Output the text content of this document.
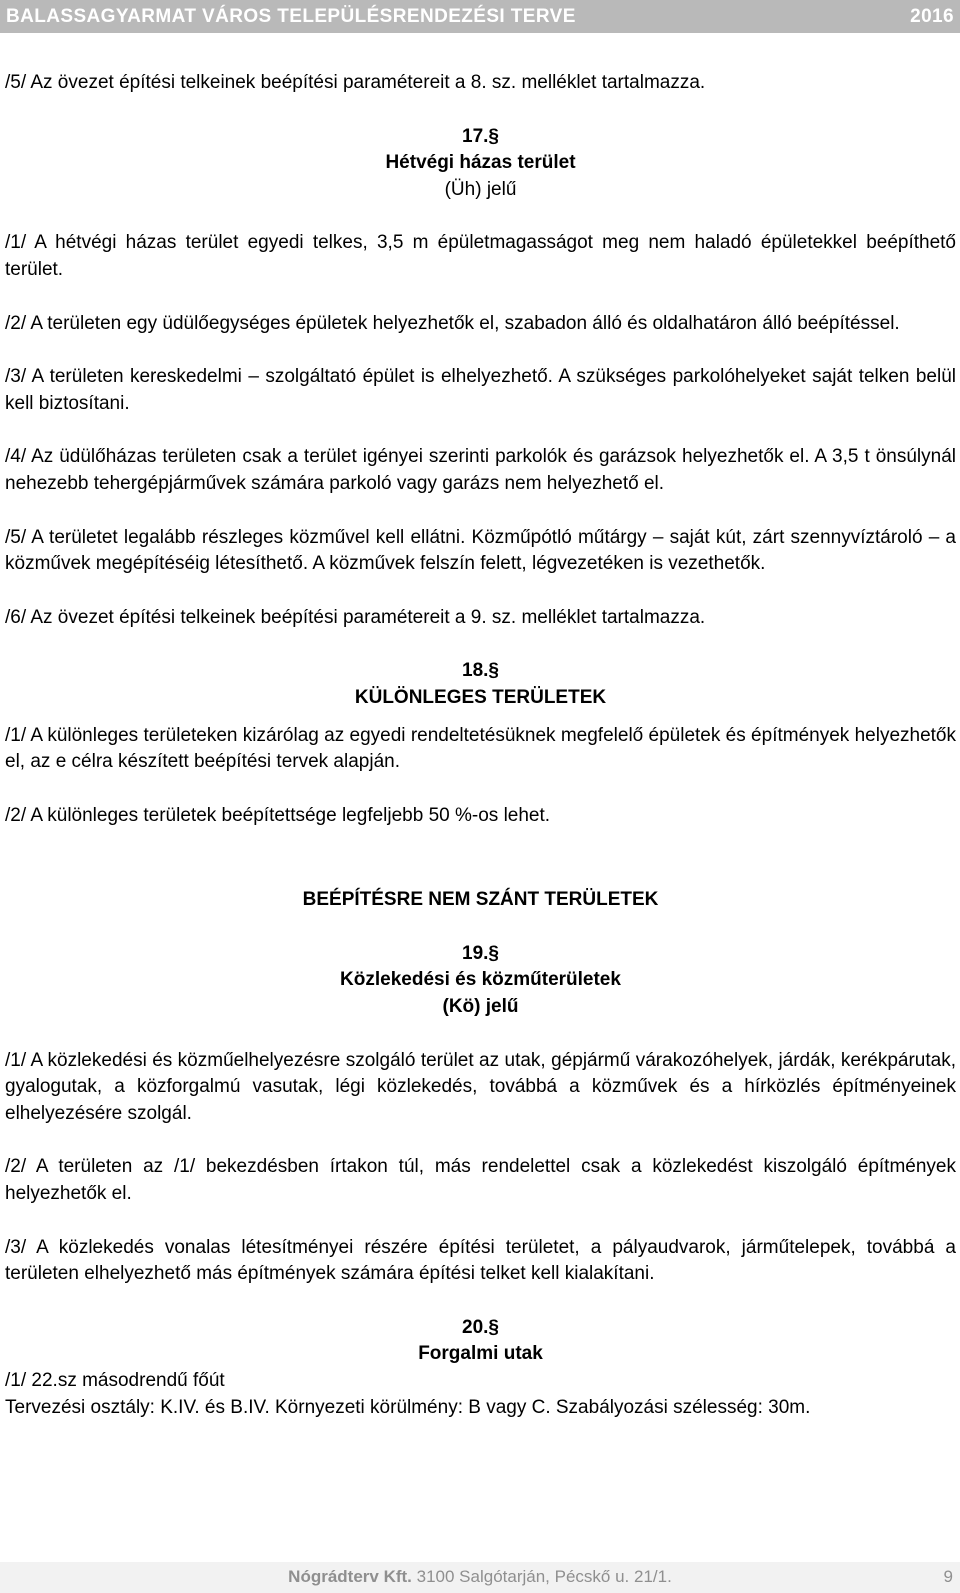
BALASSAGYARMAT VÁROS TELEPÜLÉSRENDEZÉSI TERVE	2016

/5/ Az övezet építési telkeinek beépítési paramétereit a 8. sz. melléklet tartalmazza.

17.§
Hétvégi házas terület
(Üh) jelű

/1/ A hétvégi házas terület egyedi telkes, 3,5 m épületmagasságot meg nem haladó épületekkel beépíthető terület.

/2/ A területen egy üdülőegységes épületek helyezhetők el, szabadon álló és oldalhatáron álló beépítéssel.

/3/ A területen kereskedelmi – szolgáltató épület is elhelyezhető. A szükséges parkolóhelyeket saját telken belül kell biztosítani.

/4/ Az üdülőházas területen csak a terület igényei szerinti parkolók és garázsok helyezhetők el. A 3,5 t önsúlynál nehezebb tehergépjárművek számára parkoló vagy garázs nem helyezhető el.

/5/ A területet legalább részleges közművel kell ellátni. Közműpótló műtárgy – saját kút, zárt szennyvíztároló – a közművek megépítéséig létesíthető. A közművek felszín felett, légvezetéken is vezethetők.

/6/ Az övezet építési telkeinek beépítési paramétereit a 9. sz. melléklet tartalmazza.

18.§
KÜLÖNLEGES TERÜLETEK

/1/ A különleges területeken kizárólag az egyedi rendeltetésüknek megfelelő épületek és építmények helyezhetők el, az e célra készített beépítési tervek alapján.

/2/ A különleges területek beépítettsége legfeljebb 50 %-os lehet.

BEÉPÍTÉSRE NEM SZÁNT TERÜLETEK
19.§
Közlekedési és közműterületek
(Kö) jelű

/1/ A közlekedési és közműelhelyezésre szolgáló terület az utak, gépjármű várakozóhelyek, járdák, kerékpárutak, gyalogutak, a közforgalmú vasutak, légi közlekedés, továbbá a közművek és a hírközlés építményeinek elhelyezésére szolgál.

/2/ A területen az /1/ bekezdésben írtakon túl, más rendelettel csak a közlekedést kiszolgáló építmények helyezhetők el.

/3/ A közlekedés vonalas létesítményei részére építési területet, a pályaudvarok, járműtelepek, továbbá a területen elhelyezhető más építmények számára építési telket kell kialakítani.

20.§
Forgalmi utak

/1/ 22.sz másodrendű főút

Tervezési osztály: K.IV. és B.IV. Környezeti körülmény: B vagy C. Szabályozási szélesség: 30m.

Nógrádterv Kft. 3100 Salgótarján, Pécskő u. 21/1.	9
